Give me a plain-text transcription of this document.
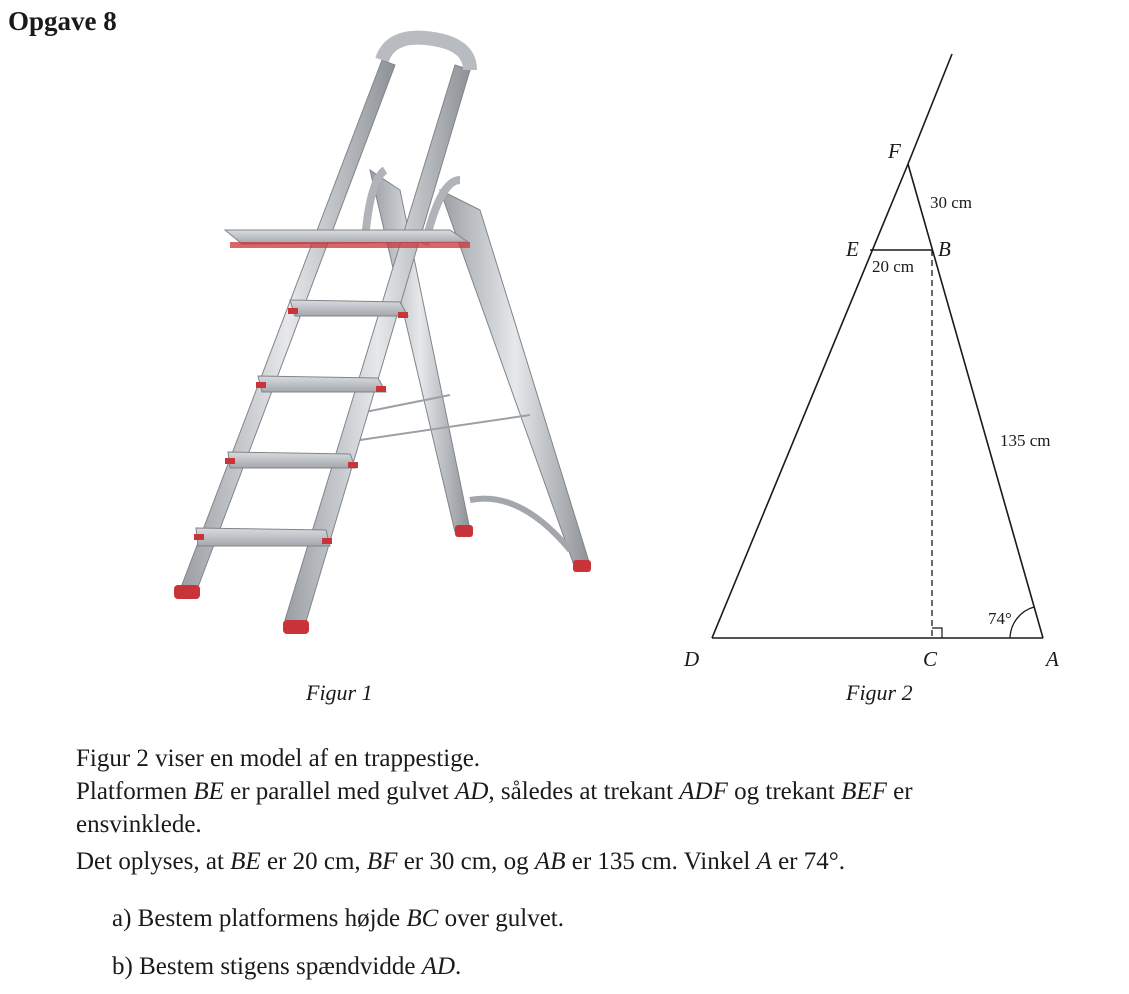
Opgave 8
Figur 1
F
E	B
D	C	A
30 cm
20 cm
135 cm
74°
Figur 2

Figur 2 viser en model af en trappestige.

Platformen BE er parallel med gulvet AD, således at trekant ADF og trekant BEF er

ensvinklede.

Det oplyses, at BE er 20 cm, BF er 30 cm, og AB er 135 cm. Vinkel A er 74°.

a) Bestem platformens højde BC over gulvet.

b) Bestem stigens spændvidde AD.
